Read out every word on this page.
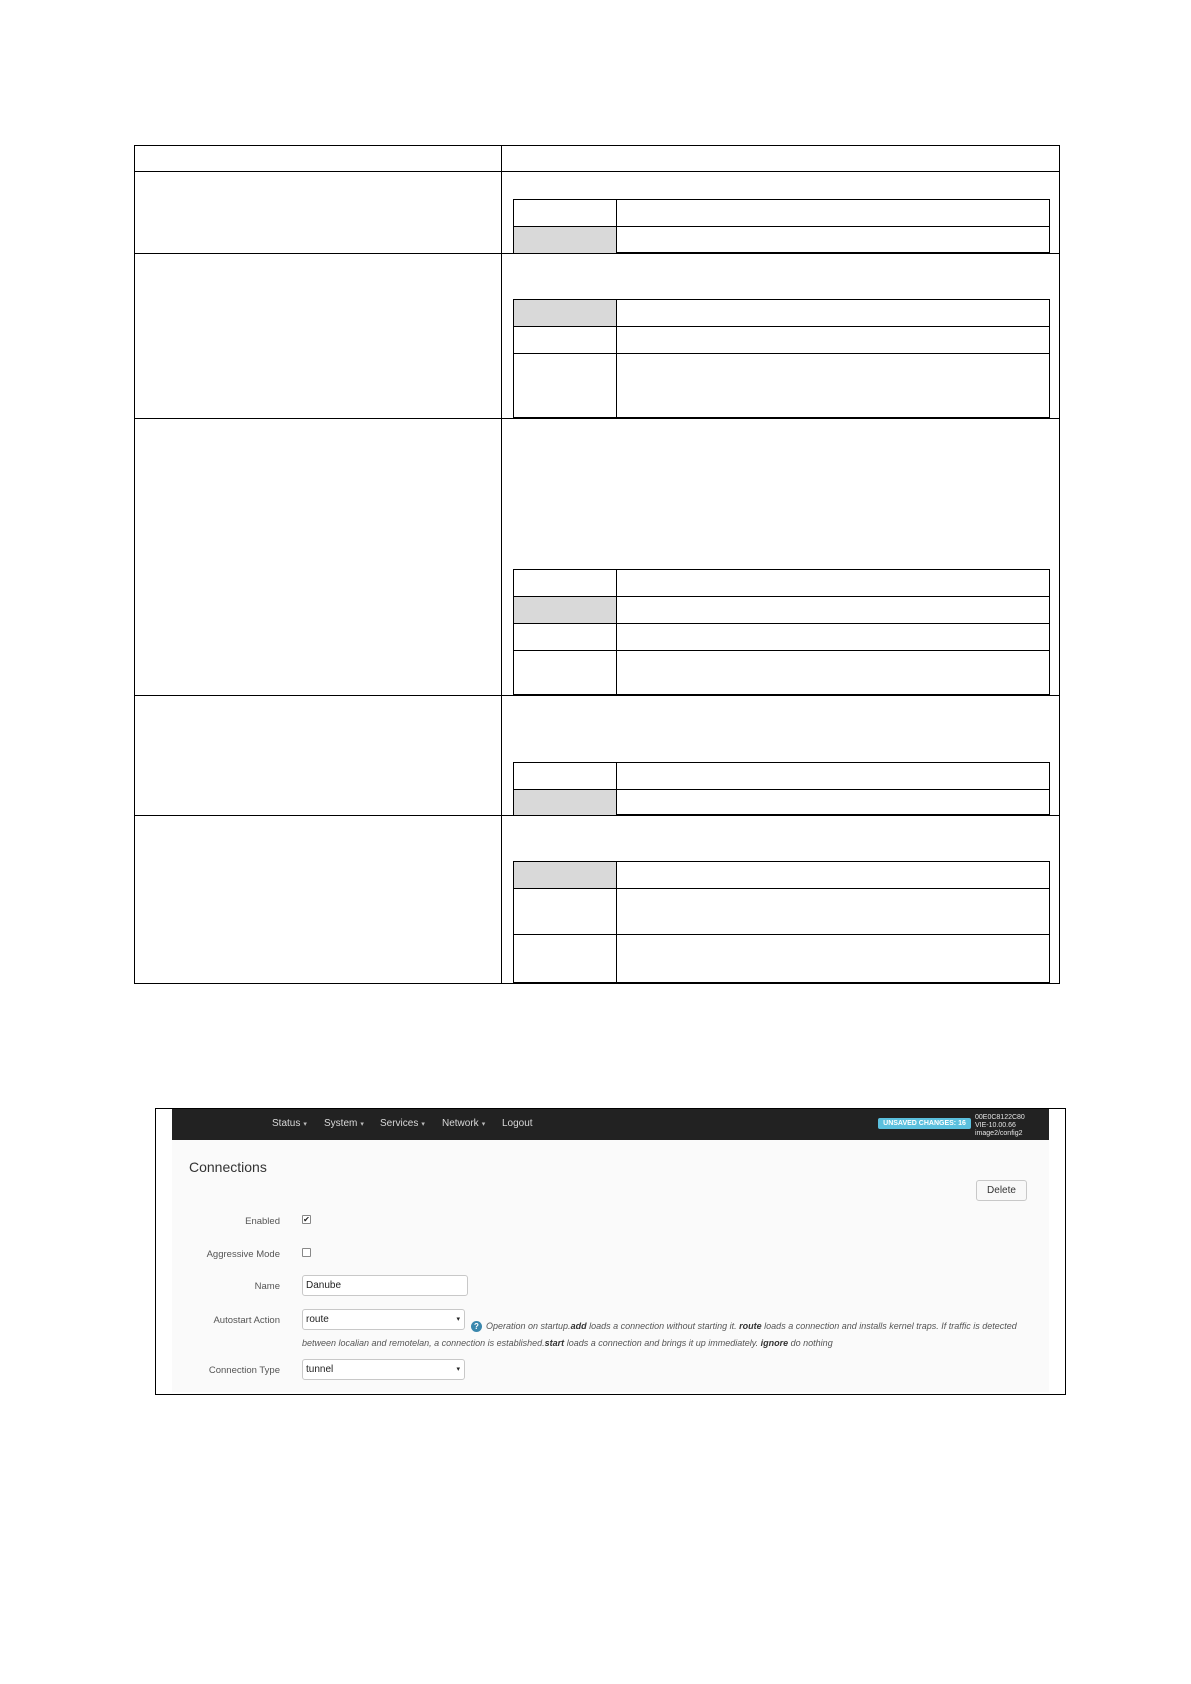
Status ▾ System ▾ Services ▾ Network ▾ Logout	UNSAVED CHANGES: 16
00E0C8122C80
VIE-10.00.66
image2/config2
Connections
Delete
Enabled	✔
Aggressive Mode
Name	Danube
Autostart Action	route	▾
? Operation on startup.add loads a connection without starting it. route loads a connection and installs kernel traps. If traffic is detected between localian and remotelan, a connection is established.start loads a connection and brings it up immediately. ignore do nothing
Connection Type	tunnel	▾
